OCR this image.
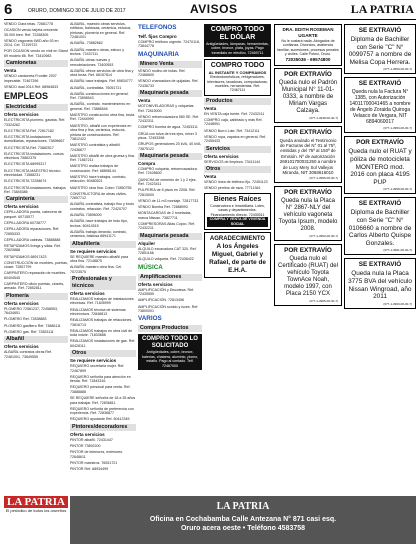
6	ORURO, DOMINGO 30 DE JULIO DE 2017	AVISOS	LA PATRIA
VENDO Clara telas. 72681778
OCASION vendo tarjeta creciente 35.000 bien. Ref. 72268305
VENDO vagoneta 4WD año 93 en 2014. Cel. 72199722
POR OCASION vendo un vinil en Stand 69 modelo 86. Ref. 73410983
Camionetas
Venta
VENDO camioneta Frontier 2007 impecable. 72467396
VENDO dual 2014 Ref. 68984833
EMPLEOS
Electricidad
Oferta servicios
ELECTRICISTA plomero, gasista. Ref. 73324262
ELECTRICISTA Ref. 72817182
ELECTRICISTA instalaciones domiciliarias, reparaciones. 73896667
ELECTRICISTA Ref. 73882517
ELECTRICISTA instalaciones, cursos eléctricos 75862375
ELECTRICISTA 68995317
ELECTRICISTA MAESTRO técnico electricidad. 71588231
ELECTRICISTA 72258674
ELECTRICISTA instalaciones, trabajos Ref. 73845386
Carpintería
Oferta servicios
CEPILLADORA puerta, cabecera de parquet. 60715577
CEPILLADORA 60738777
CEPILLADORA reparaciones. Ref. 72855333
CEPILLADORA cabinas. 73888888
RETAPIZAMOS livings y sillas. Ref. 72820888
RETAPIZAMOS 68917423
CONSTRUCCIÓN de muebles, puertas, closet. 72857799
CARPINTERO reparación de muebles. 60404545
CARPINTERO oficio puertas, closets, armado. Ref. 72852811
Plomería
Oferta servicios
PLOMERO 72561237, 72458553, 76434651
PLOMERO Ref. 72838883
PLOMERO gasfitero Ref. 73886111
PLOMERO gas. Ref. 72853111
Albañil
Oferta servicios
ALBAÑIL contratos obras Ref. 72481001, 73849555
ALBAÑIL, maestro obras servicios, edificios, baldosas, cerámica, estucos, pinturas, plomería en general. Ref. 72481001
ALBAÑIL. 73882662
ALBAÑIL maestro obras, estuco y techos. 72437111
ALBAÑIL obras nuevas y remodelaciones. 73400553
ALBAÑIL ofrece servicios de obra fina y obra bruta. Ref. 68157814
ALBAÑIL hace trabajos. Ref. 69834777
ALBAÑIL, contratista. 76051721
ALBAÑIL construcciones en general. Ref. 73898543
ALBAÑIL, contrato, mantenimiento en general. Ref. 73886546
MAESTRO construcción obra fina, bruta. Ref. 72444999
MAESTRO, albañil con experiencia en obra fina y fina, cerámica, estucos, pintura de construcciones. Ref. 73812422
MAESTRO contratista y albañil. 72436677
MAESTRO albañil de obra gruesa y fina. Ref. 71867211
MAESTRO realiza trabajos de construcción. Ref. 68898144
MAESTRO hace trabajos, contrato, refacción. 60480521
MAESTRO obra fina. Cobro 72850755
CONSTRUCTORA de obras civiles. 72857712
ALBAÑIL contratista, trabajo fino y bruto contratos, refacción. Ref. 72420707
ALBAÑIL 73896000
ALBAÑIL hace trabajos de todo tipo, techos. 60414515
ALBAÑIL trabaja obrando, contrato, cerámica, baldosa 68941171
Albañilería
Se requiere servicios
SE REQUIERE maestro albañil para obra fina. 72148875
ALBAÑIL maestro obra fina. Cel. 70723575
Profesionales y técnicos
Oferta servicios
REALIZAMOS trabajos de instalaciones eléctricas. Ref. 71845999
REALIZAMOS técnica de sistemas electrónicos. 72848813
REALIZAMOS trabajos de refacciones. 73816713
REALIZAMOS trabajos en obra civil de toda índole. 71833688
REALIZAMOS instalaciones de gas. Ref. 60428111
Otros
Se requiere servicios
REQUIERO secretaria mujer. Ref. 72467899
REQUIERO señorita para atención en tienda. Ref. 71843316
REQUIERO personal para venta. Ref. 73888888
SE REQUIERE señorita de 18 a 35 años para trabajar. Ref. 72836811
REQUIERO señorita de preferencia con experiencia. Ref. 72836877
REQUIERO ayudante Ref. 60412345
Pintores/decoradores
Oferta servicios
PINTOR albañil. 72431447
PINTOR 73892200
PINTOR de interiores, exteriores. 72848611
PINTOR maestros. 76051721
PINTOR Ref. 68934499
TELEFONOS
Telf. fijos Compro
COMPRO teléfono urgente. 72470118, 73844776
MAQUINARIA
Minero Venta
VENDO molino de bolas. Ref. 72466600
VENDO chancadora de quijadas. Ref. 72436733
Maquinaria pesada
Venta
MOTONIVELADORAS y volquetas. Ref. 72815000
VENDO retroexcavadora 580 SE. Ref. 72432311
COMPRO bomba de agua. 72453311
GRÚA con tolva de tres ejes, mixer 3 pisos. 72453398
GRUPOS generadores 20 kVA, 40 kVA. 73875122
Maquinaria pesada
Compra
COMPRO volqueta, retroexcavadora. Ref. 72428600
QUINCHA de cemento de 1 y 2 ejes. Ref. 72423411
PULPERÍA de 6 pisos en 2008. Ref. 72815000
VENDO de 11 m3 montaje. 72817733
VENDO Bomba Ref. 72888993
MONTACARGAS de 2 toneladas, marca Nissan. 73827711
COMPRESORAS Atlas Copco. Ref. 72432211
Maquinaria pesada
Alquiler
ALQUILO excavadora CAT 320. Ref. 72851166
ALQUILO volqueta. Ref. 72436422
MÚSICA
Amplificaciones
Oferta servicios
AMPLIFICACIÓN y Discoteca. Ref. 72435555
AMPLIFICACIÓN. 72813456
AMPLIFICACIÓN sonido y luces. Ref. 73800001
VARIOS
Compra Productos
COMPRO TODO LO SOLICITADO
Antigüedades, cobre, bronce, baterías, chatarra, aluminio, plomo, estaño. Pago al contado. Telf. 72467000
COMPRO TODO EL DÓLAR
Antigüedades, lámparas, herramientas, cobre, bronce, plata, joyas. Pago inmediato en efectivo. 72469711
COMPRO TODO
AL INSTANTE Y COMPRAMOS
Electrodomésticos, refrigeradores, televisores, lavadoras, computadoras, muebles, herramientas. Ref. 72467111
Productos
Venta
EN VENTA caja fuerte. Ref. 72432111
COMPRO caja, cableado y más Ref. 72448991
VENDO Burro Lote. Ref. 73412111
VENDO ropa, zapatos en general. Ref. 72455433
Servicios
Oferta servicios
SERVICIOS de limpieza. 73411144
Otros
Venta
VENDO línea de teléfono fijo. 72451123
VENDO perritos de raza. 77711361
Bienes Raíces
Constructora e Inmobiliaria. Lotes, casas y departamentos. Financiamiento directo. 72430011
COMPRA Y VENTA DE VIVIENDA SOCIAL
AGRADECIMIENTO
A los Ángeles Miguel, Gabriel y Rafael, de parte de E.H.A.
DRA. EDITH ROSEMAN UGARTE
No le costará nada. Abogados de confianza. Divorcios, asistencia familiar, sucesiones, procesos penales y civiles. Calle Potosí, Oruro.
72035036 - 69574800
POR EXTRAVÍO
Queda nulo el Padrón Municipal N° 11-01-0333, a nombre de Miriam Vargas Calzaya.
(377-1-3948-06-30-7)
POR EXTRAVÍO
Queda anulado el Testimonio de Facturas del N° 01 al 75ª, emitidas y del 75ª al 150ª de Emisión. Nº de autorización 269101700031250 a nombre de Lucy Mery Sol Vallejos Miranda, NIT 3068616010
(377-1-3956-06-30-7)
POR EXTRAVÍO
Queda nula la Placa N° 2867-NLY del vehículo vagoneta Toyota Ipsum, modelo 2008.
(377-1-3962-06-30-7)
POR EXTRAVÍO
Queda nulo el Certificado (RUAT) del vehículo Toyota TownAce Noah, modelo 1997, con Placa 2150 YCX
(377-1-3965-06-30-7)
SE EXTRAVIÓ
Diploma de Bachiller con Serie "C" N° 0099757 a nombre de Melisa Copa Herrera.
(377-1-3950-06-30-7)
SE EXTRAVIÓ
Queda nula la Factura N° 1385, con Autorización 14011700041465 a nombre de Ángelo Zoraida Quiroga Velasco de Vergara, NIT 6894060017
(377-1-3953-06-30-7)
POR EXTRAVÍO
Queda nulo el RUAT y póliza de motocicleta MONTERO mod. 2016 con placa 4195 PUP
(377-1-3958-06-30-7)
SE EXTRAVIÓ
Diploma de Bachiller con Serie "C" N° 0106660 a nombre de Carlos Alberto Quispe Gonzales.
(377-1-3961-06-30-7)
SE EXTRAVIÓ
Queda nula la Placa 3775 BVA del vehículo Nissan Wingroad, año 2011
(377-1-3963-06-30-7)
LA PATRIA
El periódico de todos los orureños	LA PATRIA
Oficina en Cochabamba Calle Antezana N° 871 casi esq.
Oruro acera oeste • Teléfono 4583758
